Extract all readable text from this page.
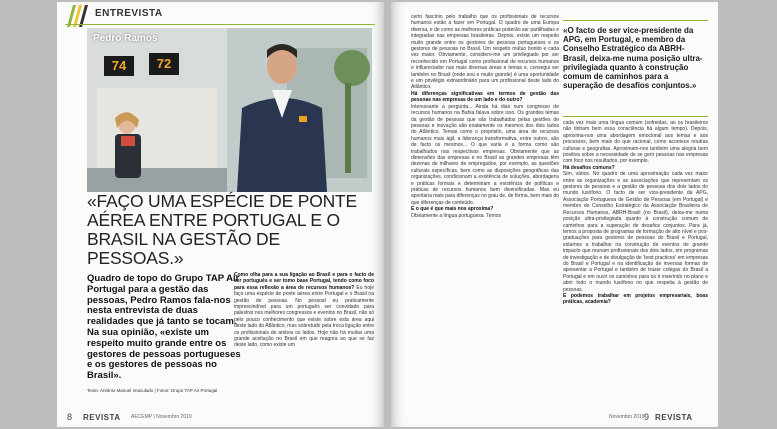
ENTREVISTA
Pedro Ramos
74	72
«FAÇO UMA ESPÉCIE DE PONTE AÉREA ENTRE PORTUGAL E O BRASIL NA GESTÃO DE PESSOAS.»
Quadro de topo do Grupo TAP Air Portugal para a gestão das pessoas, Pedro Ramos fala-nos nesta entrevista de duas realidades que já tanto se tocam. Na sua opinião, «existe um respeito muito grande entre os gestores de pessoas portugueses e os gestores de pessoas no Brasil».
Texto: António Manuel Imaculado | Fotos: Grupo TAP Air Portugal
Como olha para a sua ligação ao Brasil e para o facto de ser português e ser tomo base Portugal, tendo como foco para essa reflexão a área de recursos humanos? Eu hoje faço uma espécie de ponte aérea entre Portugal e o Brasil na gestão de pessoas. No pessoal eu praticamente imprescindível para um português ser convidado para palestrar nos melhores congressos e eventos no Brasil, não só pelo pouco conhecimento que existe sobre esta área aqui deste lado do Atlântico, mas sobretudo pela troca ligação entre os profissionais de ambos os lados. Hoje não há muitas uma grande aceitação no Brasil em que reagora ao que se faz deste lado, como existe um
8 REVISTA AECEMP | Novembro 2019
certo fascínio pelo trabalho que os profissionais de recursos humanos estão a fazer em Portugal. O quadro de uma Europa diversa, e de como as melhores práticas poderão ser partilhadas e integradas nas empresas brasileiras. Depois, existe um respeito muito grande entre os gestores de pessoas portugueses e os gestores de pessoas no Brasil. Um respeito mútuo bonito e cada vez maior. Obviamente, considero-me um privilegiado por ser reconhecido em Portugal como profissional de recursos humanos e influenciador nas mais diversas áreas e temas e, consegui ser também no Brasil (onde sou e muito grande) é uma oportunidade e um privilégio extraordinário para um profissional deste lado do Atlântico.
Há diferenças significativas em termos de gestão das pessoas nas empresas de um lado e do outro?
Interessante a pergunta... Ainda há dias num congresso de recursos humanos na Bahia falava sobre isso. Os grandes temas da gestão de pessoas que são trabalhados pelas gestões de pessoas e inovação são exatamente os mesmos dos dois lados do Atlântico. Temas como o propósito, uma área de recursos humanos mais ágil, a liderança transformativa, entre outros, são de facto os mesmos... O que varia é a forma como são trabalhados nas respectivas empresas. Obviamente que as dimensões das empresas e no Brasil as grandes empresas têm dezenas de milhares de empregados, por exemplo, as questões culturais específicas, bem como as disposições geográficas das organizações, condicionam a existência de soluções, abordagens e práticas formais e determinam a existência de políticas e práticas de recursos humanos bem diversificadas. Mas eu apontaria mais para diferenças no grau de, de forma, bem mais do que diferenças de conteúdo.
E o que é que mais nos aproxima?
Obviamente a língua portuguesa. Temos
«O facto de ser vice-presidente da APG, em Portugal, e membro da Conselho Estratégico da ABRH-Brasil, deixa-me numa posição ultra-privilegiada quanto à construção comum de caminhos para a superação de desafios conjuntos.»
cada vez mais uma língua comum (sofreidas, ao os brasileiros não tinham bem essa consciência há algum tempo). Depois, aproxima-nos uma abordagem emocional aos temas e aos processos, bem mais do que racional, como acontece noutras culturas e geografias. Aproximam-nos também uma alegria bem positiva sobre a necessidade de se gerir pessoas nas empresas com foco nos resultados, por exemplo.
Há desafios comuns?
Sim, vários. No quadro de uma aproximação cada vez maior entre as organizações e as associações que representam os gestores de pessoas e a gestão de pessoas dos dois lados do mundo lusófono. O facto de ser vice-presidente da APG, Associação Portuguesa de Gestão de Pessoas (em Portugal) e membro do Conselho Estratégico da Associação Brasileira de Recursos Humanos, ABRH-Brasil (no Brasil), deixa-me numa posição ultra-privilegiada quanto à construção comum de caminhos para a superação de desafios conjuntos. Para já, temos a proposta de programas de formação de alto nível e pós-graduações para gestores de pessoas do Brasil e Portugal, estamos a trabalhar na construção de eventos de grande impacto que reunam profissionais dos dois lados, em programas de investigação e de divulgação de 'best practices' em empresas do Brasil e Portugal e na identificação de inversas formas de apresentar a Portugal e também de trazer colegas do Brasil a Portugal e em ouvir os caminhos para os ir inserindo no plano e abrir todo o mundo lusófono no que respeita à gestão de pessoas.
E podemos trabalhar em projetos empresariais, boas práticas, academia?
Novembro 2019 9 REVISTA
